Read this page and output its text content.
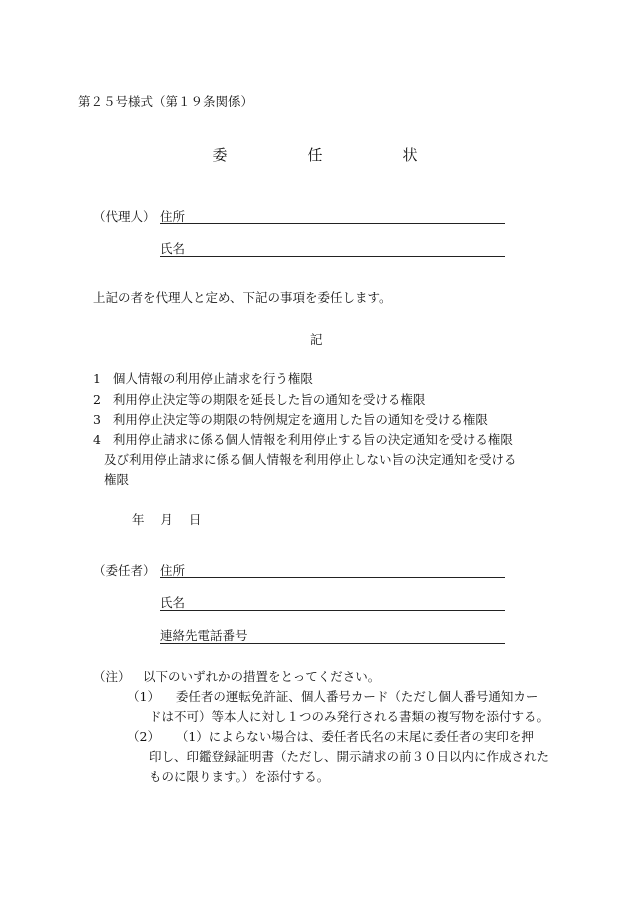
第２５号様式（第１９条関係）
委	任	状
（代理人） 住所
氏名
上記の者を代理人と定め、下記の事項を委任します。
記
1 個人情報の利用停止請求を行う権限
2 利用停止決定等の期限を延長した旨の通知を受ける権限
3 利用停止決定等の期限の特例規定を適用した旨の通知を受ける権限
4 利用停止請求に係る個人情報を利用停止する旨の決定通知を受ける権限
及び利用停止請求に係る個人情報を利用停止しない旨の決定通知を受ける
権限
年 月 日
（委任者） 住所
氏名
連絡先電話番号
（注） 以下のいずれかの措置をとってください。
（1） 委任者の運転免許証、個人番号カード（ただし個人番号通知カー
ドは不可）等本人に対し１つのみ発行される書類の複写物を添付する。
（2） （1）によらない場合は、委任者氏名の末尾に委任者の実印を押
印し、印鑑登録証明書（ただし、開示請求の前３０日以内に作成された
ものに限ります。）を添付する。
